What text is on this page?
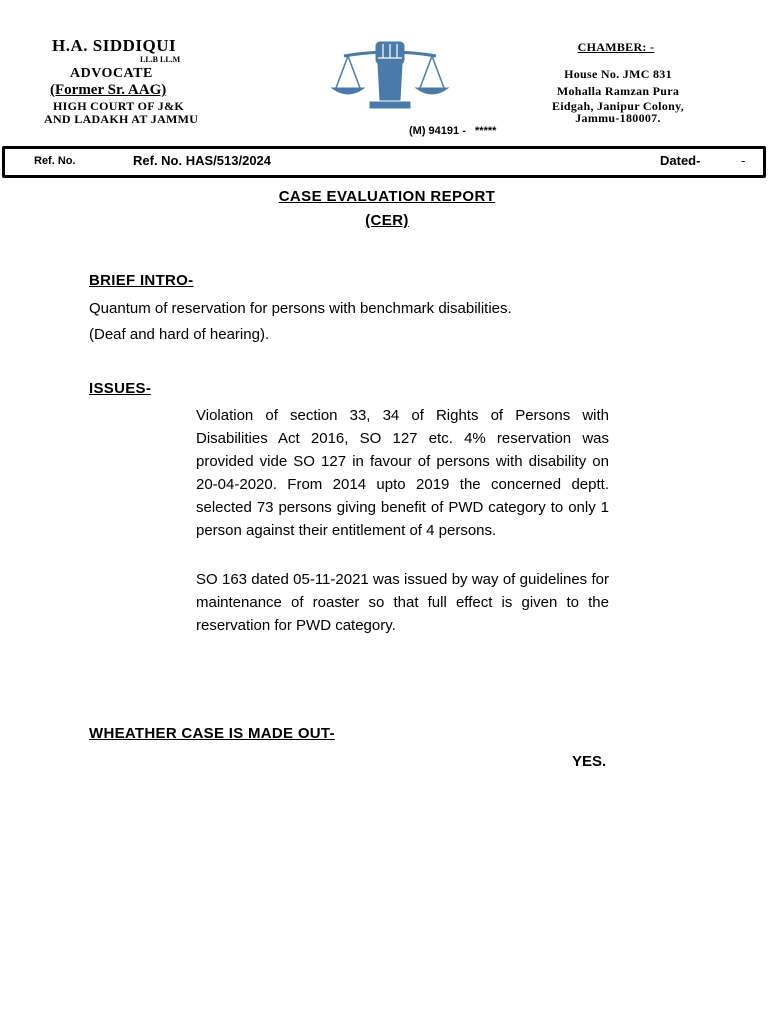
H.A. SIDDIQUI
LL.B LL.M
ADVOCATE
(Former Sr. AAG)
HIGH COURT OF J&K
AND LADAKH AT JAMMU
CHAMBER: -
House No. JMC 831
Mohalla Ramzan Pura
Eidgah, Janipur Colony,
Jammu-180007.
(M) 94191 -   *****
Ref. No.	Ref. No. HAS/513/2024	Dated-	-
CASE EVALUATION REPORT
(CER)
BRIEF INTRO-
Quantum of reservation for persons with benchmark disabilities.
(Deaf and hard of hearing).
ISSUES-
Violation of section 33, 34 of Rights of Persons with Disabilities Act 2016, SO 127 etc. 4% reservation was provided vide SO 127 in favour of persons with disability on 20-04-2020. From 2014 upto 2019 the concerned deptt. selected 73 persons giving benefit of PWD category to only 1 person against their entitlement of 4 persons.
SO 163 dated 05-11-2021 was issued by way of guidelines for maintenance of roaster so that full effect is given to the reservation for PWD category.
WHEATHER CASE IS MADE OUT-
YES.
